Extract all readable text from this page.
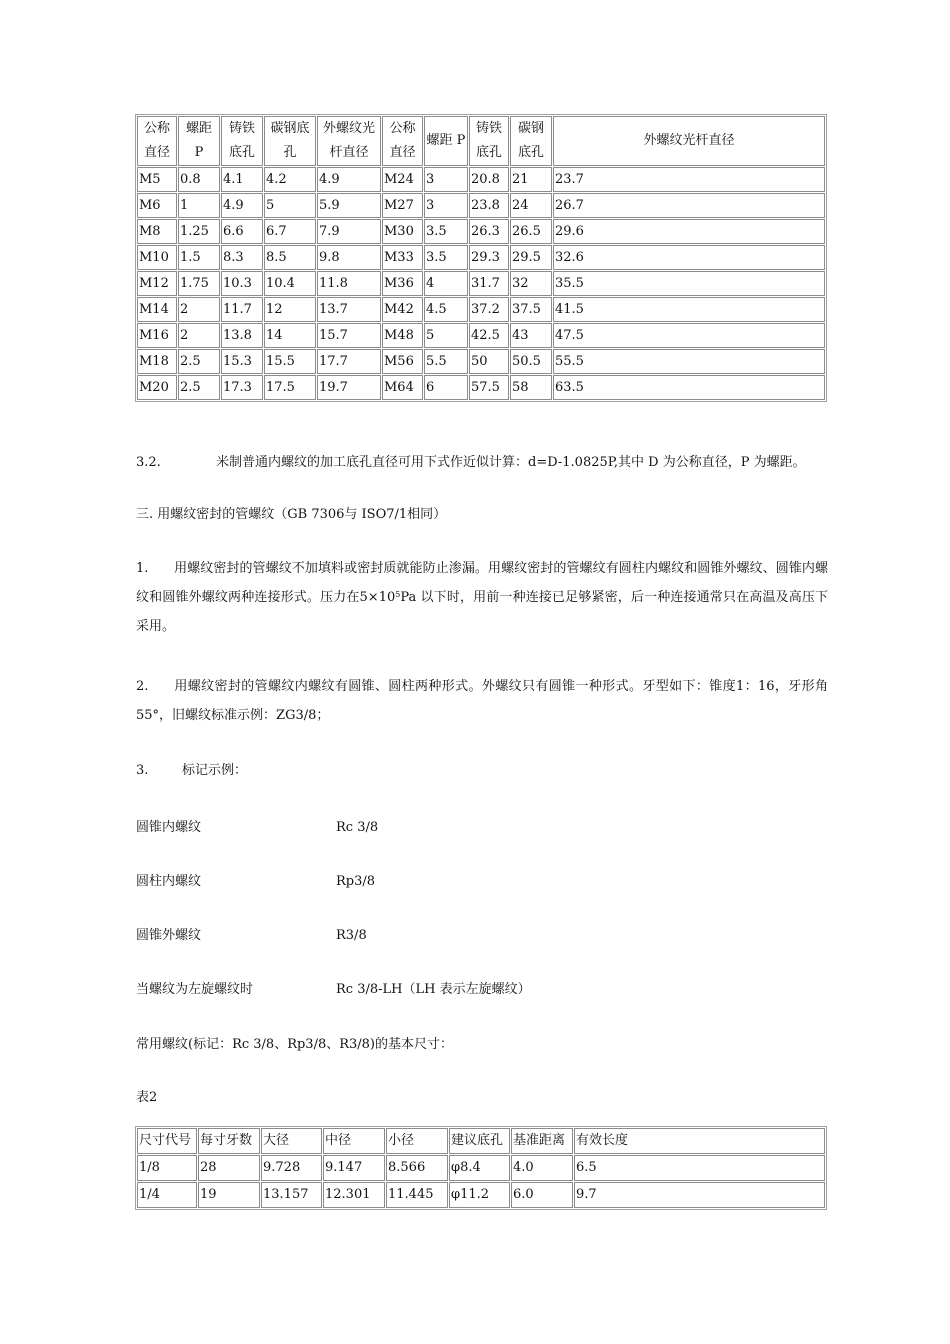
公称直径	螺距 P	铸铁底孔	碳钢底孔	外螺纹光杆直径	公称直径	螺距 P	铸铁底孔	碳钢底孔	外螺纹光杆直径
M5	0.8	4.1	4.2	4.9	M24	3	20.8	21	23.7
M6	1	4.9	5	5.9	M27	3	23.8	24	26.7
M8	1.25	6.6	6.7	7.9	M30	3.5	26.3	26.5	29.6
M10	1.5	8.3	8.5	9.8	M33	3.5	29.3	29.5	32.6
M12	1.75	10.3	10.4	11.8	M36	4	31.7	32	35.5
M14	2	11.7	12	13.7	M42	4.5	37.2	37.5	41.5
M16	2	13.8	14	15.7	M48	5	42.5	43	47.5
M18	2.5	15.3	15.5	17.7	M56	5.5	50	50.5	55.5
M20	2.5	17.3	17.5	19.7	M64	6	57.5	58	63.5
3.2.	米制普通内螺纹的加工底孔直径可用下式作近似计算：d=D-1.0825P,其中 D 为公称直径，P 为螺距。
三. 用螺纹密封的管螺纹（GB 7306与 ISO7/1相同）
1. 用螺纹密封的管螺纹不加填料或密封质就能防止渗漏。用螺纹密封的管螺纹有圆柱内螺纹和圆锥外螺纹、圆锥内螺纹和圆锥外螺纹两种连接形式。压力在$5\times 10^5Pa$ 以下时，用前一种连接已足够紧密，后一种连接通常只在高温及高压下采用。
2. 用螺纹密封的管螺纹内螺纹有圆锥、圆柱两种形式。外螺纹只有圆锥一种形式。牙型如下：锥度1：16，牙形角55°，旧螺纹标准示例：ZG3/8；
3.	标记示例：
圆锥内螺纹	Rc 3/8
圆柱内螺纹	Rp3/8
圆锥外螺纹	R3/8
当螺纹为左旋螺纹时	Rc 3/8-LH（LH 表示左旋螺纹）
常用螺纹(标记：Rc 3/8、Rp3/8、R3/8)的基本尺寸：
表2
尺寸代号	每寸牙数	大径	中径	小径	建议底孔	基准距离	有效长度
1/8	28	9.728	9.147	8.566	φ8.4	4.0	6.5
1/4	19	13.157	12.301	11.445	φ11.2	6.0	9.7
